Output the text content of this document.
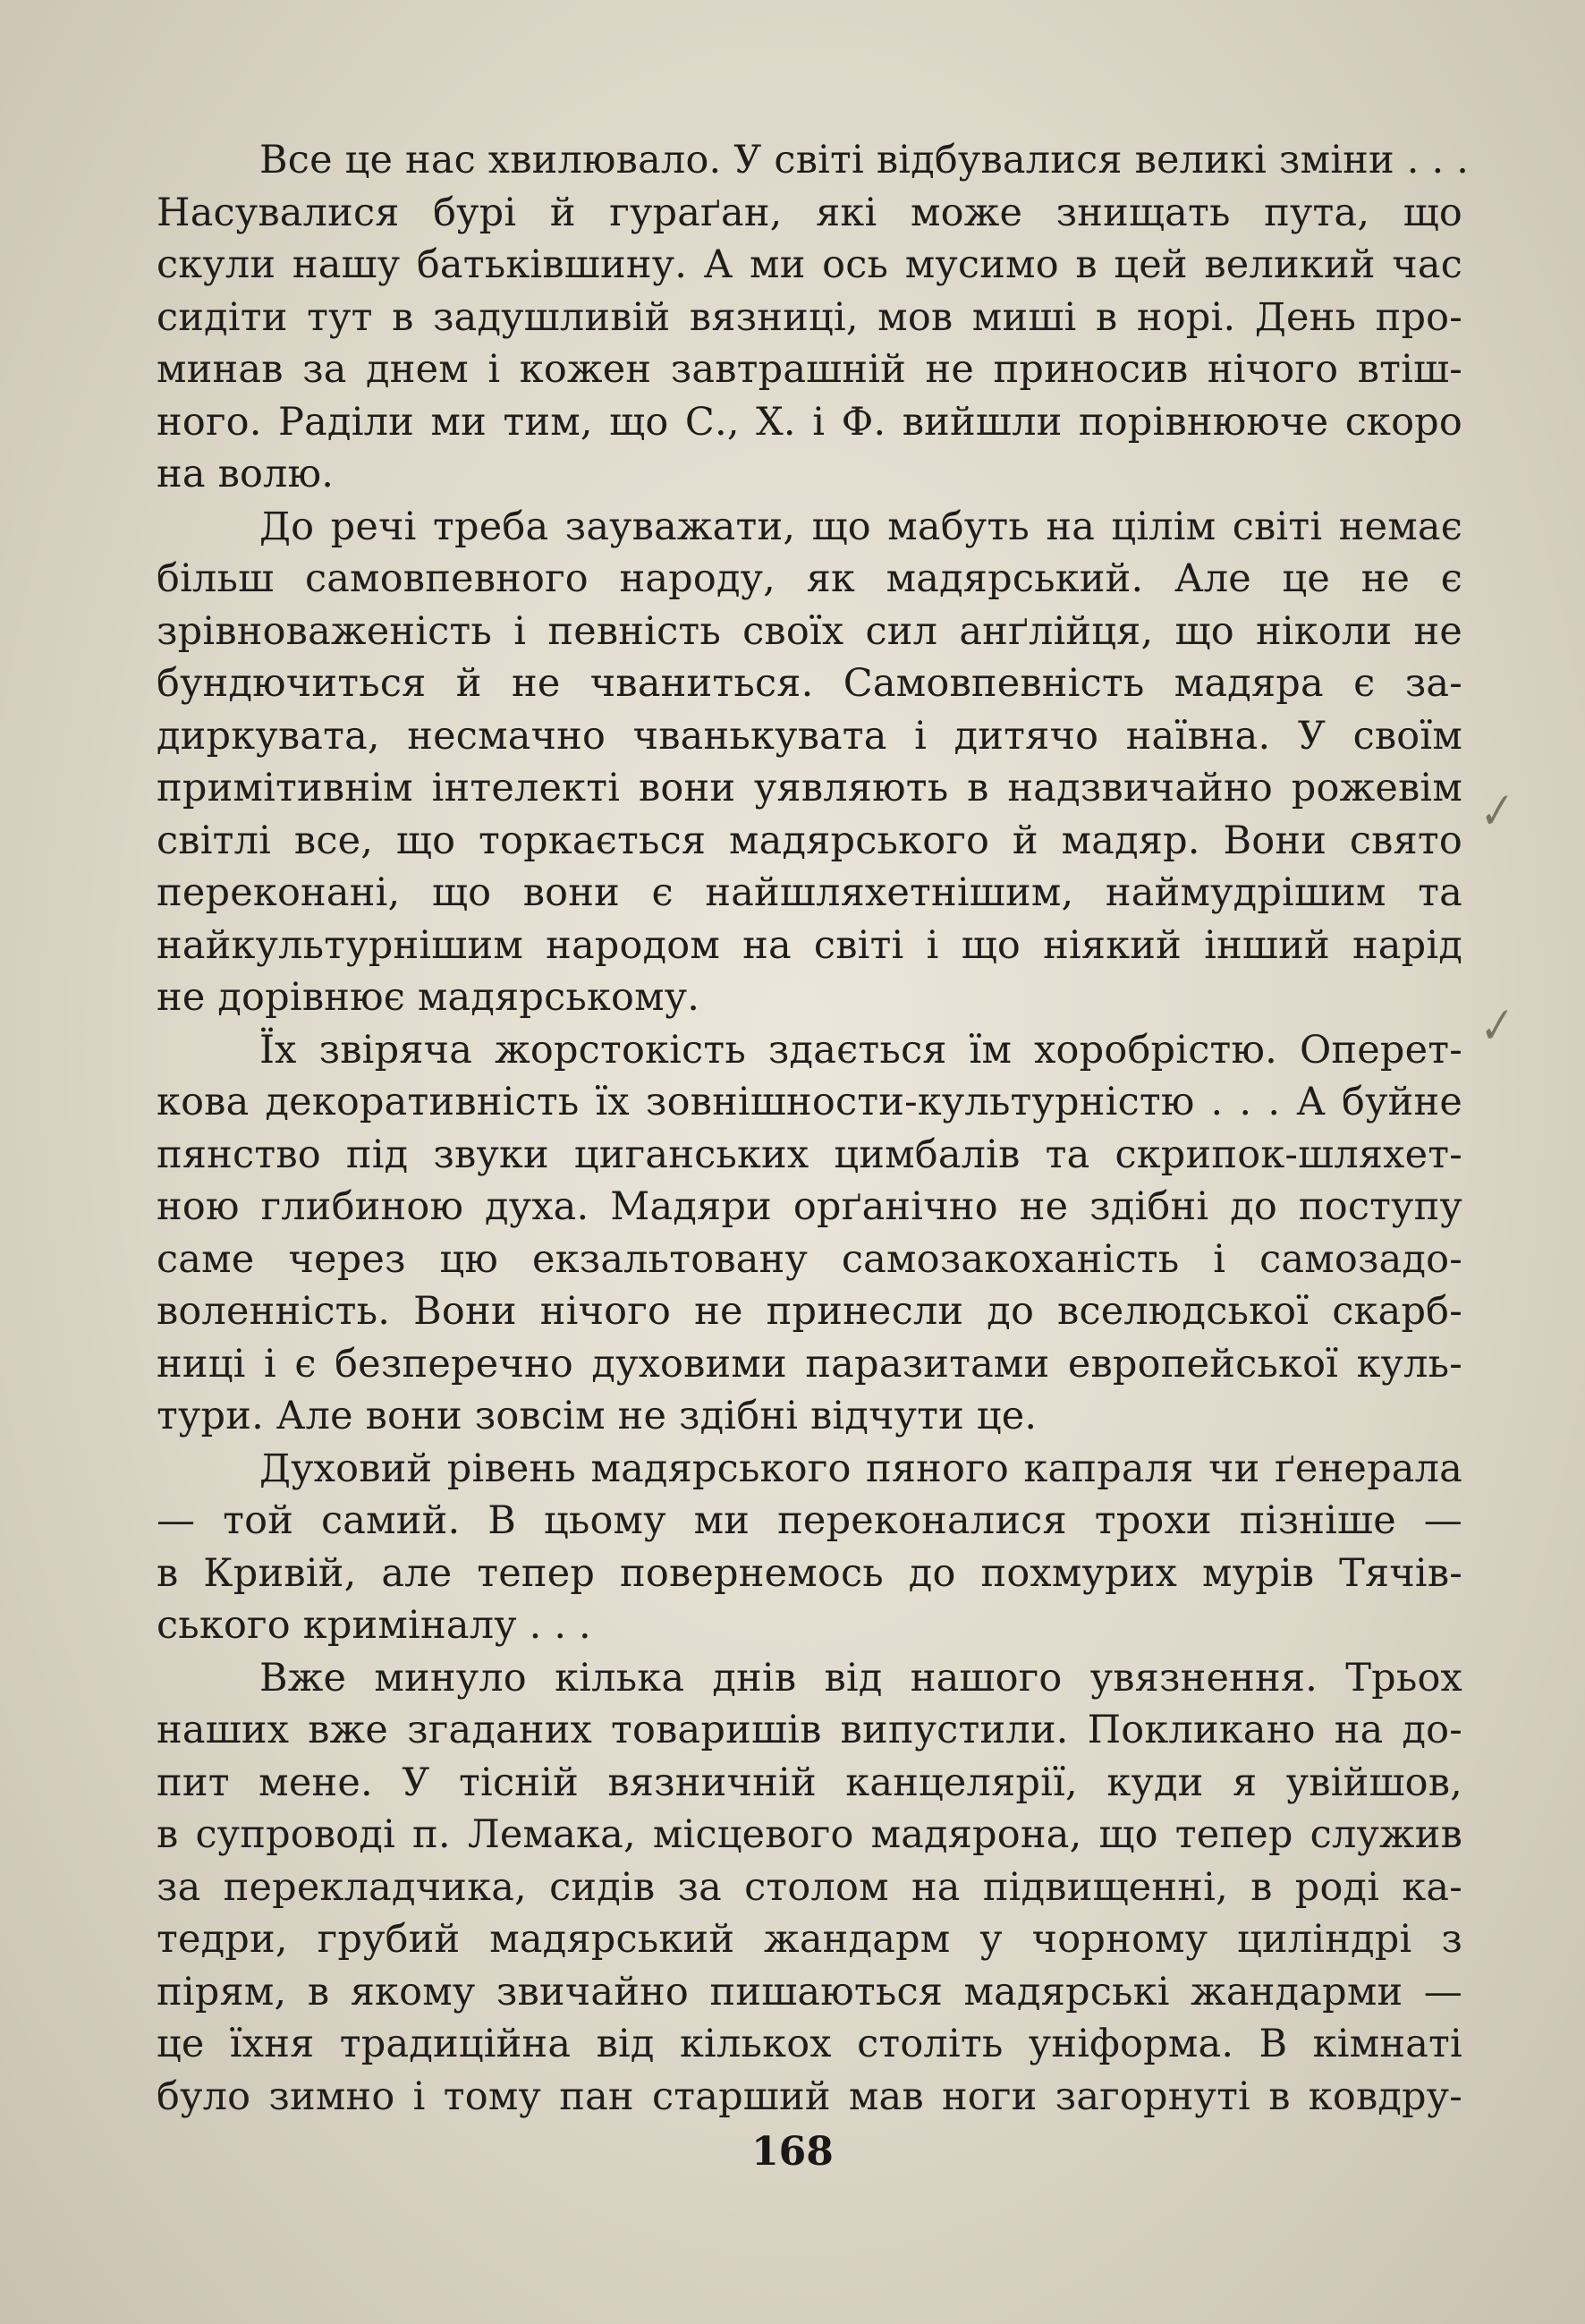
Все це нас хвилювало. У світі відбувалися великі зміни . . .
Насувалися бурі й гураґан, які може знищать пута, що
скули нашу батьківшину. А ми ось мусимо в цей великий час
сидіти тут в задушливій вязниці, мов миші в норі. День про-
минав за днем і кожен завтрашній не приносив нічого втіш-
ного. Раділи ми тим, що С., Х. і Ф. вийшли порівнююче скоро
на волю.
До речі треба зауважати, що мабуть на цілім світі немає
більш самовпевного народу, як мадярський. Але це не є
зрівноваженість і певність своїх сил анґлійця, що ніколи не
бундючиться й не чваниться. Самовпевність мадяра є за-
диркувата, несмачно чванькувата і дитячо наївна. У своїм
примітивнім інтелекті вони уявляють в надзвичайно рожевім
світлі все, що торкається мадярського й мадяр. Вони свято
переконані, що вони є найшляхетнішим, наймудрішим та
найкультурнішим народом на світі і що ніякий інший нарід
не дорівнює мадярському.
Їх звіряча жорстокість здається їм хоробрістю. Оперет-
кова декоративність їх зовнішности-культурністю . . . А буйне
пянство під звуки циганських цимбалів та скрипок-шляхет-
ною глибиною духа. Мадяри орґанічно не здібні до поступу
саме через цю екзальтовану самозакоханість і самозадо-
воленність. Вони нічого не принесли до вселюдської скарб-
ниці і є безперечно духовими паразитами европейської куль-
тури. Але вони зовсім не здібні відчути це.
Духовий рівень мадярського пяного капраля чи ґенерала
— той самий. В цьому ми переконалися трохи пізніше —
в Кривій, але тепер повернемось до похмурих мурів Тячів-
ського кримінaлу . . .
Вже минуло кілька днів від нашого увязнення. Трьох
наших вже згаданих товаришів випустили. Покликано на до-
пит мене. У тісній вязничній канцелярії, куди я увійшов,
в супроводі п. Лемака, місцевого мадярона, що тепер служив
за перекладчика, сидів за столом на підвищенні, в роді ка-
тедри, грубий мадярський жандарм у чорному циліндрі з
пірям, в якому звичайно пишаються мадярські жандарми —
це їхня традиційна від кількох століть уніформа. В кімнаті
було зимно і тому пан старший мав ноги загорнуті в ковдру-
✓
✓
168
